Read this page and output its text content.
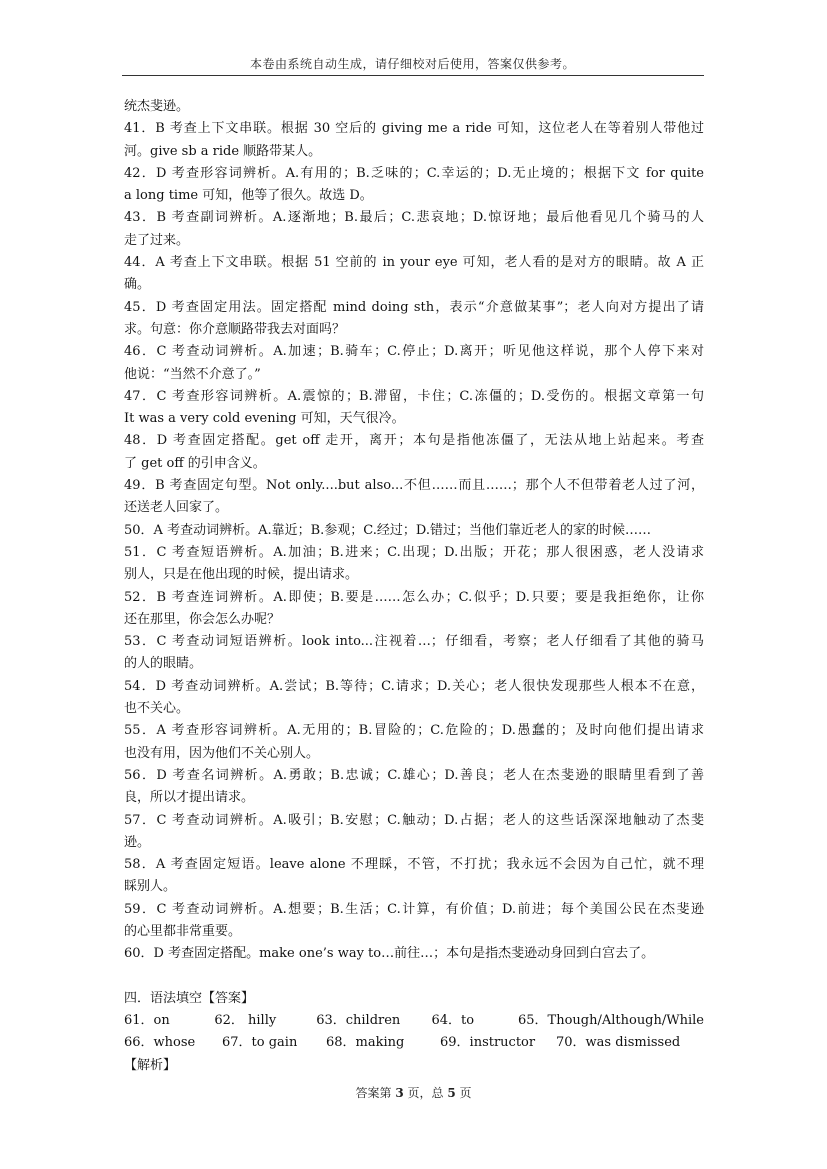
本卷由系统自动生成，请仔细校对后使用，答案仅供参考。
统杰斐逊。
41．B 考查上下文串联。根据 30 空后的 giving me a ride 可知，这位老人在等着别人带他过
河。give sb a ride 顺路带某人。
42．D 考查形容词辨析。A.有用的；B.乏味的；C.幸运的；D.无止境的；根据下文 for quite
a long time 可知，他等了很久。故选 D。
43．B 考查副词辨析。A.逐渐地；B.最后；C.悲哀地；D.惊讶地；最后他看见几个骑马的人
走了过来。
44．A 考查上下文串联。根据 51 空前的 in your eye 可知，老人看的是对方的眼睛。故 A 正
确。
45．D 考查固定用法。固定搭配 mind doing sth，表示“介意做某事”；老人向对方提出了请
求。句意：你介意顺路带我去对面吗？
46．C 考查动词辨析。A.加速；B.骑车；C.停止；D.离开；听见他这样说，那个人停下来对
他说：“当然不介意了。”
47．C 考查形容词辨析。A.震惊的；B.滞留，卡住；C.冻僵的；D.受伤的。根据文章第一句
It was a very cold evening 可知，天气很冷。
48．D 考查固定搭配。get off 走开，离开；本句是指他冻僵了，无法从地上站起来。考查
了 get off 的引申含义。
49．B 考查固定句型。Not only....but also...不但……而且……；那个人不但带着老人过了河，
还送老人回家了。
50．A 考查动词辨析。A.靠近；B.参观；C.经过；D.错过；当他们靠近老人的家的时候……
51．C 考查短语辨析。A.加油；B.进来；C.出现；D.出版；开花；那人很困惑，老人没请求
别人，只是在他出现的时候，提出请求。
52．B 考查连词辨析。A.即使；B.要是……怎么办；C.似乎；D.只要；要是我拒绝你，让你
还在那里，你会怎么办呢？
53．C 考查动词短语辨析。look into...注视着…；仔细看，考察；老人仔细看了其他的骑马
的人的眼睛。
54．D 考查动词辨析。A.尝试；B.等待；C.请求；D.关心；老人很快发现那些人根本不在意，
也不关心。
55．A 考查形容词辨析。A.无用的；B.冒险的；C.危险的；D.愚蠢的；及时向他们提出请求
也没有用，因为他们不关心别人。
56．D 考查名词辨析。A.勇敢；B.忠诚；C.雄心；D.善良；老人在杰斐逊的眼睛里看到了善
良，所以才提出请求。
57．C 考查动词辨析。A.吸引；B.安慰；C.触动；D.占据；老人的这些话深深地触动了杰斐
逊。
58．A 考查固定短语。leave alone 不理睬，不管，不打扰；我永远不会因为自己忙，就不理
睬别人。
59．C 考查动词辨析。A.想要；B.生活；C.计算，有价值；D.前进；每个美国公民在杰斐逊
的心里都非常重要。
60．D 考查固定搭配。make one’s way to…前往…；本句是指杰斐逊动身回到白宫去了。
四．语法填空【答案】
61．on	62． hilly	63．children	64．to	65．Though/Although/While
66．whose	67．to gain	68．making	69．instructor	70．was dismissed
【解析】
答案第 3 页，总 5 页
